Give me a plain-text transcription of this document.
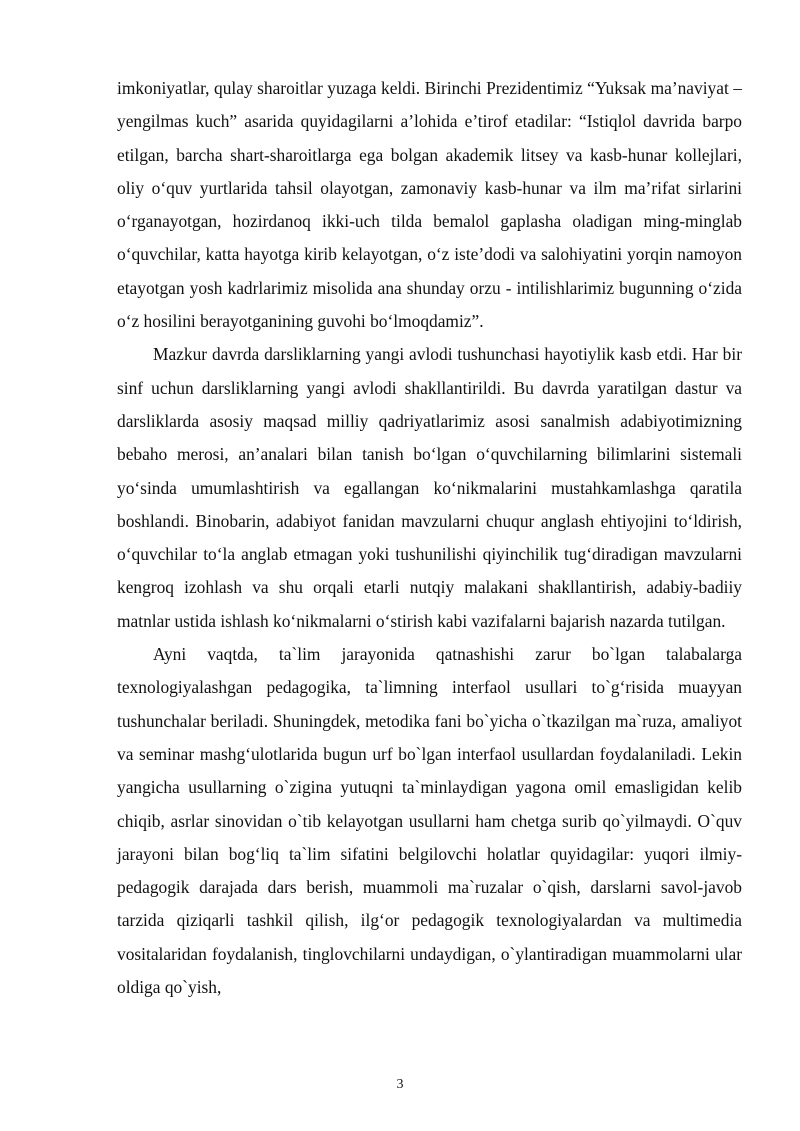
imkoniyatlar, qulay sharoitlar yuzaga keldi. Birinchi Prezidentimiz “Yuksak ma’naviyat – yengilmas kuch” asarida quyidagilarni a’lohida e’tirof etadilar: “Istiqlol davrida barpo etilgan, barcha shart-sharoitlarga ega bolgan akademik litsey va kasb-hunar kollejlari, oliy o‘quv yurtlarida tahsil olayotgan, zamonaviy kasb-hunar va ilm ma’rifat sirlarini o‘rganayotgan, hozirdanoq ikki-uch tilda bemalol gaplasha oladigan ming-minglab o‘quvchilar, katta hayotga kirib kelayotgan, o‘z iste’dodi va salohiyatini yorqin namoyon etayotgan yosh kadrlarimiz misolida ana shunday orzu - intilishlarimiz bugunning o‘zida o‘z hosilini berayotganining guvohi bo‘lmoqdamiz”.

Mazkur davrda darsliklarning yangi avlodi tushunchasi hayotiylik kasb etdi. Har bir sinf uchun darsliklarning yangi avlodi shakllantirildi. Bu davrda yaratilgan dastur va darsliklarda asosiy maqsad milliy qadriyatlarimiz asosi sanalmish adabiyotimizning bebaho merosi, an’analari bilan tanish bo‘lgan o‘quvchilarning bilimlarini sistemali yo‘sinda umumlashtirish va egallangan ko‘nikmalarini mustahkamlashga qaratila boshlandi. Binobarin, adabiyot fanidan mavzularni chuqur anglash ehtiyojini to‘ldirish, o‘quvchilar to‘la anglab etmagan yoki tushunilishi qiyinchilik tug‘diradigan mavzularni kengroq izohlash va shu orqali etarli nutqiy malakani shakllantirish, adabiy-badiiy matnlar ustida ishlash ko‘nikmalarni o‘stirish kabi vazifalarni bajarish nazarda tutilgan.

Ayni vaqtda, ta`lim jarayonida qatnashishi zarur bo`lgan talabalarga texnologiyalashgan pedagogika, ta`limning interfaol usullari to`g‘risida muayyan tushunchalar beriladi. Shuningdek, metodika fani bo`yicha o`tkazilgan ma`ruza, amaliyot va seminar mashg‘ulotlarida bugun urf bo`lgan interfaol usullardan foydalaniladi. Lekin yangicha usullarning o`zigina yutuqni ta`minlaydigan yagona omil emasligidan kelib chiqib, asrlar sinovidan o`tib kelayotgan usullarni ham chetga surib qo`yilmaydi. O`quv jarayoni bilan bog‘liq ta`lim sifatini belgilovchi holatlar quyidagilar: yuqori ilmiy-pedagogik darajada dars berish, muammoli ma`ruzalar o`qish, darslarni savol-javob tarzida qiziqarli tashkil qilish, ilg‘or pedagogik texnologiyalardan va multimedia vositalaridan foydalanish, tinglovchilarni undaydigan, o`ylantiradigan muammolarni ular oldiga qo`yish,

3
